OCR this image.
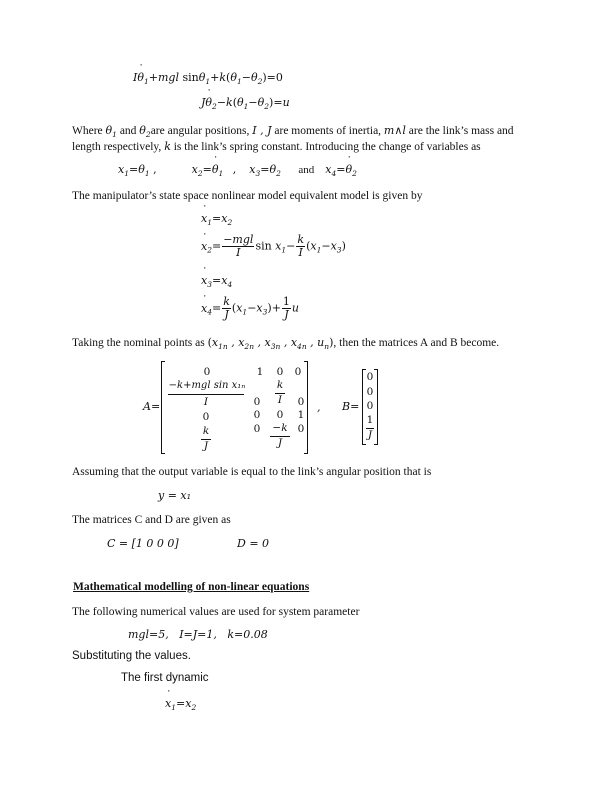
Iθ $˙_1+mgl$ $\sin\theta_1+k(\theta_1-\theta_2)=0$
Jθ $˙_2-k(\theta_1-\theta_2)=u$
Where $\theta_1$ and $\theta_2are$ angular positions, I , J are moments of inertia, m∧l are the link’s mass and
length respectively, k is the link’s spring constant. Introducing the change of variables as
$x_1=\theta_1$ ,	$x_2=\theta$ $˙_1$ ,  $x_3=\theta_2$ and  $x_4=\theta$ $˙_2$
The manipulator’s state space nonlinear model equivalent model is given by
x $˙_1=x_2$
x $˙_2= \frac{\text{−mgl}}{I}$ $\sin x_1- \frac{k}{I} (x_1-x_3)$
x $˙_3=x_4$
x $˙_4= \frac{k}{J} (x_1-x_3)+ \frac{1}{J}$ u
Taking the nominal points as ($x_{1n}$ , $x_{2n}$ , $x_{3n}$ , $x_{4n}$ , $u_n$), then the matrices A and B become.
A=
0
−k+mgl sin x₁ₙ
I
0
k
J
1
0
0
0
0
k
I
0
−k
J
0
0
1
0
, B=
0
0
0
1
J
Assuming that the output variable is equal to the link’s angular position that is
y = x₁
The matrices C and D are given as
C = [1 0 0 0]	D = 0
Mathematical modelling of non-linear equations
The following numerical values are used for system parameter
mgl=5, I=J=1, k=0.08
Substituting the values.
The first dynamic
x $˙_1=x_2$
